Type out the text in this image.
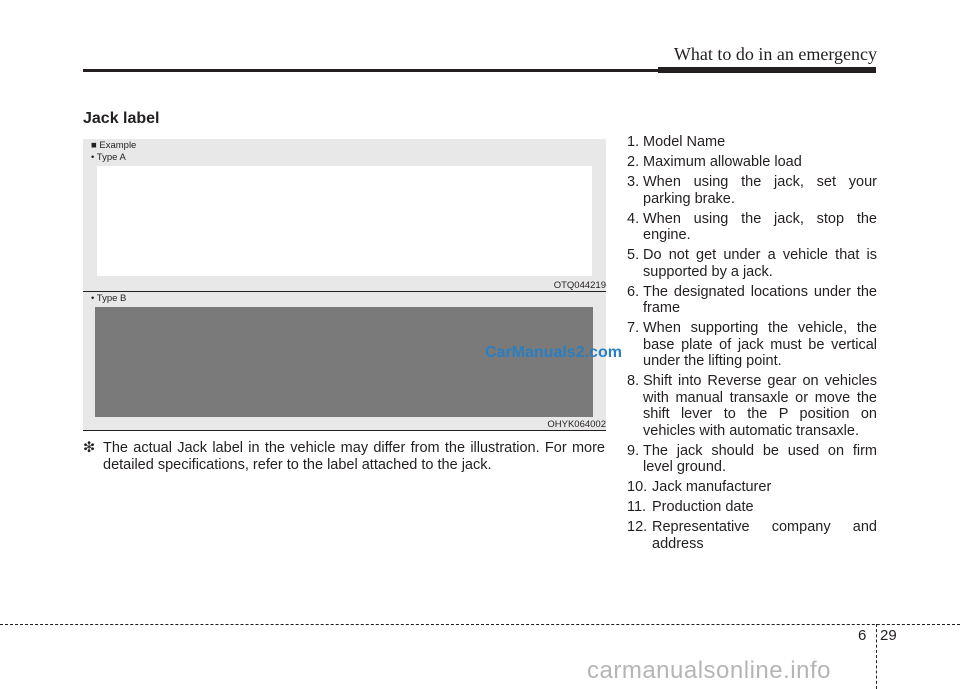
What to do in an emergency
Jack label
■ Example
• Type A
OTQ044219
• Type B
OHYK064002
CarManuals2.com
❇ The actual Jack label in the vehicle may differ from the illustration. For more detailed specifications, refer to the label attached to the jack.
1. Model Name
2. Maximum allowable load
3. When using the jack, set your parking brake.
4. When using the jack, stop the engine.
5. Do not get under a vehicle that is supported by a jack.
6. The designated locations under the frame
7. When supporting the vehicle, the base plate of jack must be vertical under the lifting point.
8. Shift into Reverse gear on vehicles with manual transaxle or move the shift lever to the P position on vehicles with automatic transaxle.
9. The jack should be used on firm level ground.
10. Jack manufacturer
11. Production date
12. Representative company and address
6 29
carmanualsonline.info
